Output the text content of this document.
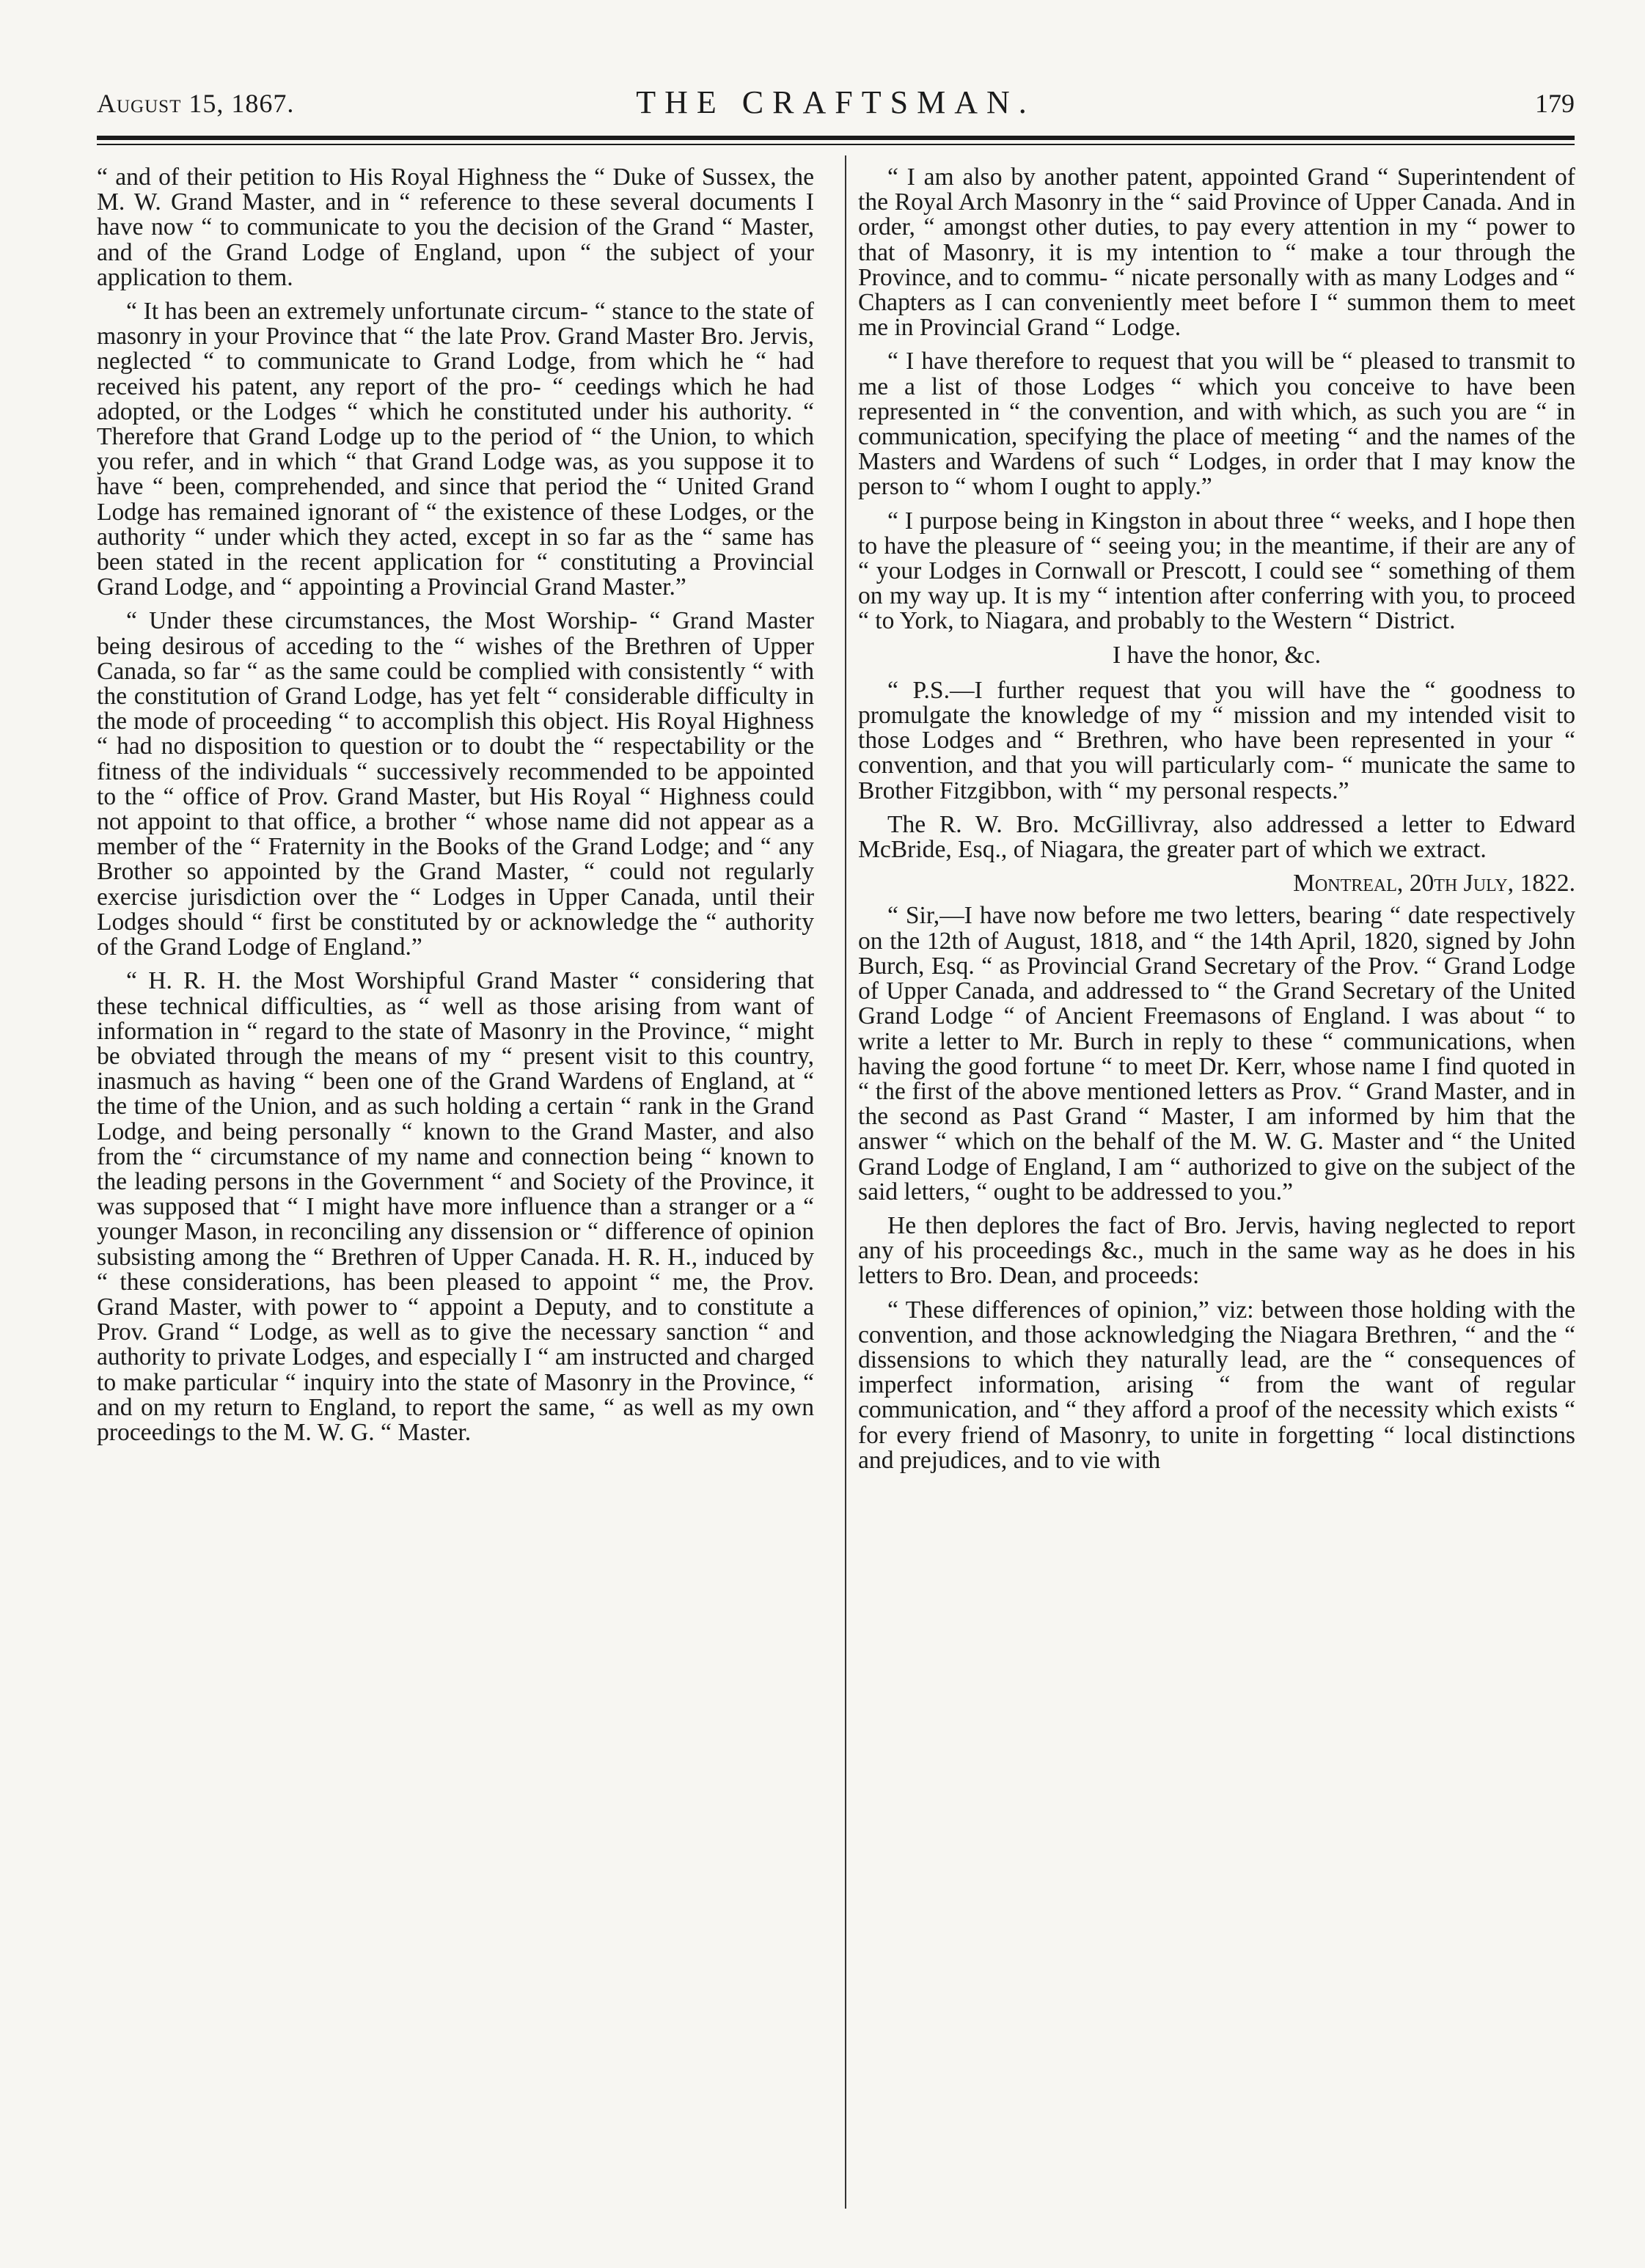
August 15, 1867.	THE CRAFTSMAN.	179

“ and of their petition to His Royal Highness the “ Duke of Sussex, the M. W. Grand Master, and in “ reference to these several documents I have now “ to communicate to you the decision of the Grand “ Master, and of the Grand Lodge of England, upon “ the subject of your application to them.

“ It has been an extremely unfortunate circum- “ stance to the state of masonry in your Province that “ the late Prov. Grand Master Bro. Jervis, neglected “ to communicate to Grand Lodge, from which he “ had received his patent, any report of the pro- “ ceedings which he had adopted, or the Lodges “ which he constituted under his authority. “ Therefore that Grand Lodge up to the period of “ the Union, to which you refer, and in which “ that Grand Lodge was, as you suppose it to have “ been, comprehended, and since that period the “ United Grand Lodge has remained ignorant of “ the existence of these Lodges, or the authority “ under which they acted, except in so far as the “ same has been stated in the recent application for “ constituting a Provincial Grand Lodge, and “ appointing a Provincial Grand Master.”

“ Under these circumstances, the Most Worship- “ Grand Master being desirous of acceding to the “ wishes of the Brethren of Upper Canada, so far “ as the same could be complied with consistently “ with the constitution of Grand Lodge, has yet felt “ considerable difficulty in the mode of proceeding “ to accomplish this object. His Royal Highness “ had no disposition to question or to doubt the “ respectability or the fitness of the individuals “ successively recommended to be appointed to the “ office of Prov. Grand Master, but His Royal “ Highness could not appoint to that office, a brother “ whose name did not appear as a member of the “ Fraternity in the Books of the Grand Lodge; and “ any Brother so appointed by the Grand Master, “ could not regularly exercise jurisdiction over the “ Lodges in Upper Canada, until their Lodges should “ first be constituted by or acknowledge the “ authority of the Grand Lodge of England.”

“ H. R. H. the Most Worshipful Grand Master “ considering that these technical difficulties, as “ well as those arising from want of information in “ regard to the state of Masonry in the Province, “ might be obviated through the means of my “ present visit to this country, inasmuch as having “ been one of the Grand Wardens of England, at “ the time of the Union, and as such holding a certain “ rank in the Grand Lodge, and being personally “ known to the Grand Master, and also from the “ circumstance of my name and connection being “ known to the leading persons in the Government “ and Society of the Province, it was supposed that “ I might have more influence than a stranger or a “ younger Mason, in reconciling any dissension or “ difference of opinion subsisting among the “ Brethren of Upper Canada. H. R. H., induced by “ these considerations, has been pleased to appoint “ me, the Prov. Grand Master, with power to “ appoint a Deputy, and to constitute a Prov. Grand “ Lodge, as well as to give the necessary sanction “ and authority to private Lodges, and especially I “ am instructed and charged to make particular “ inquiry into the state of Masonry in the Province, “ and on my return to England, to report the same, “ as well as my own proceedings to the M. W. G. “ Master.

“ I am also by another patent, appointed Grand “ Superintendent of the Royal Arch Masonry in the “ said Province of Upper Canada. And in order, “ amongst other duties, to pay every attention in my “ power to that of Masonry, it is my intention to “ make a tour through the Province, and to commu- “ nicate personally with as many Lodges and “ Chapters as I can conveniently meet before I “ summon them to meet me in Provincial Grand “ Lodge.

“ I have therefore to request that you will be “ pleased to transmit to me a list of those Lodges “ which you conceive to have been represented in “ the convention, and with which, as such you are “ in communication, specifying the place of meeting “ and the names of the Masters and Wardens of such “ Lodges, in order that I may know the person to “ whom I ought to apply.”

“ I purpose being in Kingston in about three “ weeks, and I hope then to have the pleasure of “ seeing you; in the meantime, if their are any of “ your Lodges in Cornwall or Prescott, I could see “ something of them on my way up. It is my “ intention after conferring with you, to proceed “ to York, to Niagara, and probably to the Western “ District.

I have the honor, &c.

“ P.S.—I further request that you will have the “ goodness to promulgate the knowledge of my “ mission and my intended visit to those Lodges and “ Brethren, who have been represented in your “ convention, and that you will particularly com- “ municate the same to Brother Fitzgibbon, with “ my personal respects.”

The R. W. Bro. McGillivray, also addressed a letter to Edward McBride, Esq., of Niagara, the greater part of which we extract.

Montreal, 20th July, 1822.

“ Sir,—I have now before me two letters, bearing “ date respectively on the 12th of August, 1818, and “ the 14th April, 1820, signed by John Burch, Esq. “ as Provincial Grand Secretary of the Prov. “ Grand Lodge of Upper Canada, and addressed to “ the Grand Secretary of the United Grand Lodge “ of Ancient Freemasons of England. I was about “ to write a letter to Mr. Burch in reply to these “ communications, when having the good fortune “ to meet Dr. Kerr, whose name I find quoted in “ the first of the above mentioned letters as Prov. “ Grand Master, and in the second as Past Grand “ Master, I am informed by him that the answer “ which on the behalf of the M. W. G. Master and “ the United Grand Lodge of England, I am “ authorized to give on the subject of the said letters, “ ought to be addressed to you.”

He then deplores the fact of Bro. Jervis, having neglected to report any of his proceedings &c., much in the same way as he does in his letters to Bro. Dean, and proceeds:

“ These differences of opinion,” viz: between those holding with the convention, and those acknowledging the Niagara Brethren, “ and the “ dissensions to which they naturally lead, are the “ consequences of imperfect information, arising “ from the want of regular communication, and “ they afford a proof of the necessity which exists “ for every friend of Masonry, to unite in forgetting “ local distinctions and prejudices, and to vie with
